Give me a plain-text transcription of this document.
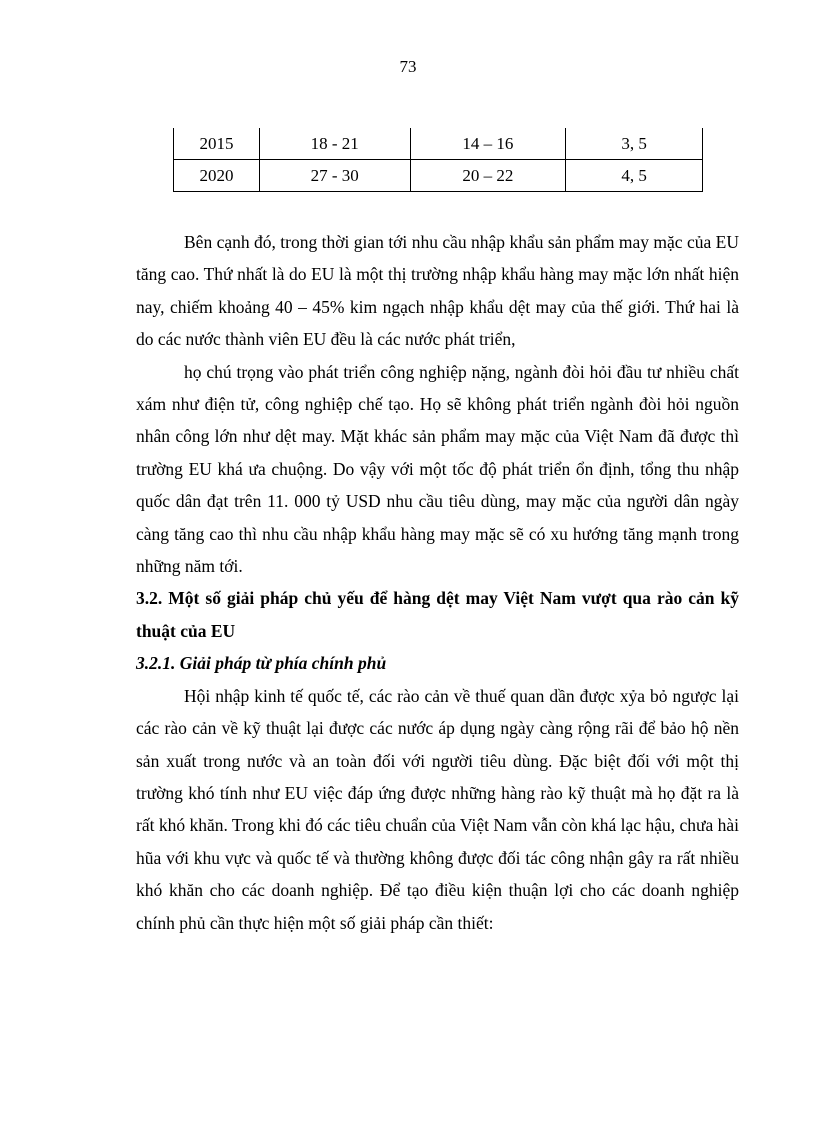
73
2015	18 - 21	14 – 16	3, 5
2020	27 - 30	20 – 22	4, 5

Bên cạnh đó, trong thời gian tới nhu cầu nhập khẩu sản phẩm may mặc của EU tăng cao. Thứ nhất là do EU là một thị trường nhập khẩu hàng may mặc lớn nhất hiện nay, chiếm khoảng 40 – 45% kim ngạch nhập khẩu dệt may của thế giới. Thứ hai là do các nước thành viên EU đều là các nước phát triển,

họ chú trọng vào phát triển công nghiệp nặng, ngành đòi hỏi đầu tư nhiều chất xám như điện tử, công nghiệp chế tạo. Họ sẽ không phát triển ngành đòi hỏi nguồn nhân công lớn như dệt may. Mặt khác sản phẩm may mặc của Việt Nam đã được thì trường EU khá ưa chuộng. Do vậy với một tốc độ phát triển ổn định, tổng thu nhập quốc dân đạt trên 11. 000 tỷ USD nhu cầu tiêu dùng, may mặc của người dân ngày càng tăng cao thì nhu cầu nhập khẩu hàng may mặc sẽ có xu hướng tăng mạnh trong những năm tới.

3.2. Một số giải pháp chủ yếu để hàng dệt may Việt Nam vượt qua rào cản kỹ thuật của EU
3.2.1. Giải pháp từ phía chính phủ

Hội nhập kinh tế quốc tế, các rào cản về thuế quan dần được xỷa bỏ ngược lại các rào cản về kỹ thuật lại được các nước áp dụng ngày càng rộng rãi để bảo hộ nền sản xuất trong nước và an toàn đối với người tiêu dùng. Đặc biệt đối với một thị trường khó tính như EU việc đáp ứng được những hàng rào kỹ thuật mà họ đặt ra là rất khó khăn. Trong khi đó các tiêu chuẩn của Việt Nam vẫn còn khá lạc hậu, chưa hài hũa với khu vực và quốc tế và thường không được đối tác công nhận gây ra rất nhiều khó khăn cho các doanh nghiệp. Để tạo điều kiện thuận lợi cho các doanh nghiệp chính phủ cần thực hiện một số giải pháp cần thiết:
